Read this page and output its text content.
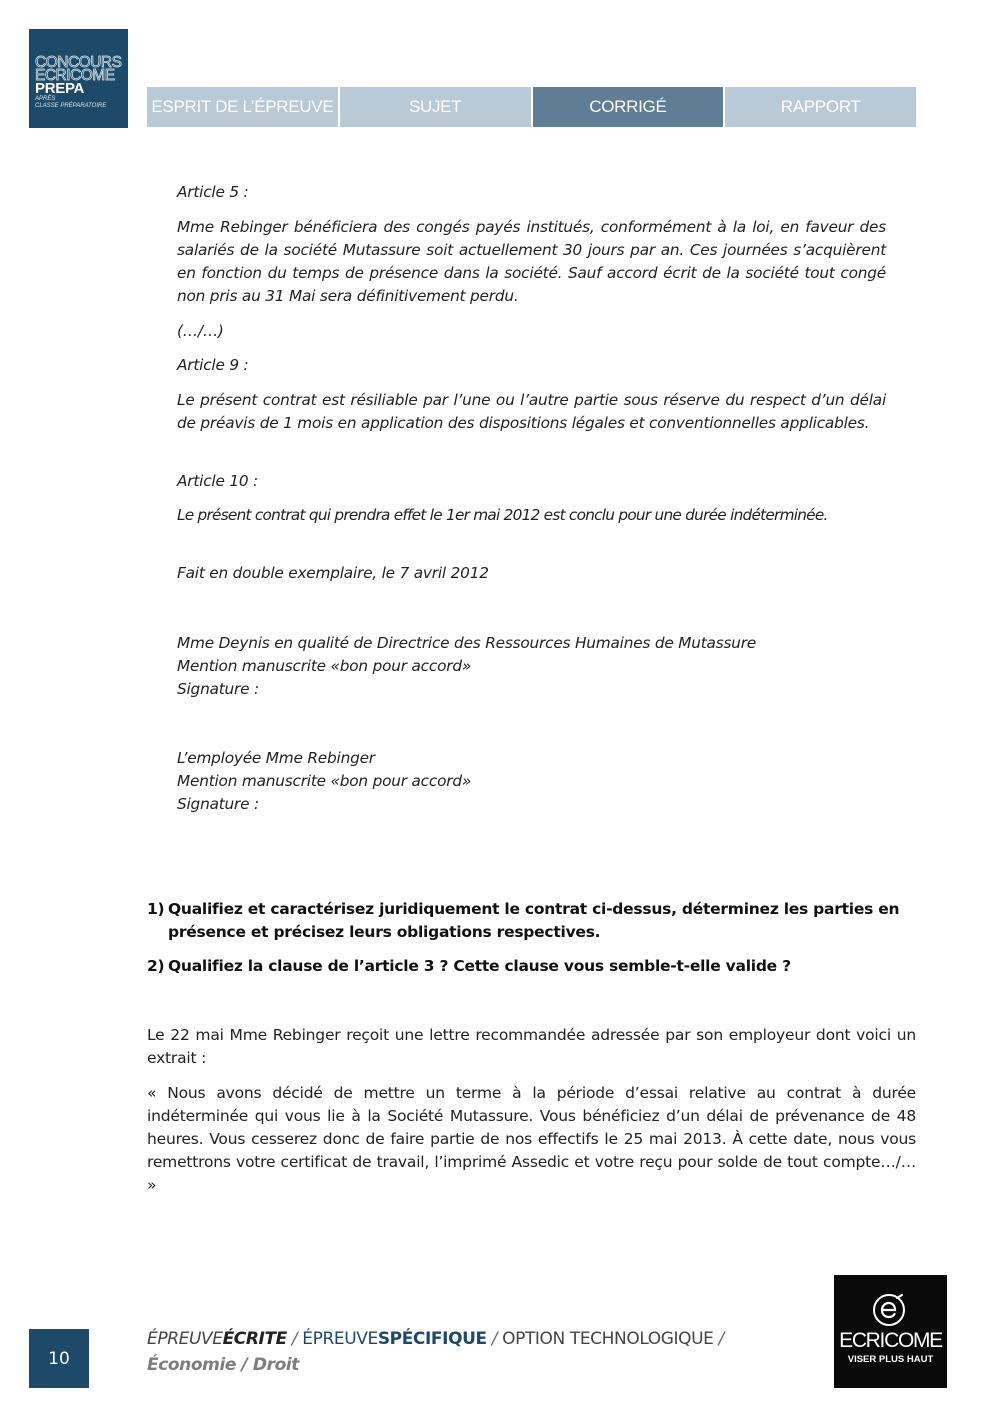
CONCOURS
ECRICOME
PREPA
APRÈS
CLASSE PRÉPARATOIRE	ESPRIT DE L’ÉPREUVE	SUJET	CORRIGÉ	RAPPORT
Article 5 :
Mme Rebinger bénéficiera des congés payés institués, conformément à la loi, en faveur des salariés de la société Mutassure soit actuellement 30 jours par an. Ces journées s’acquièrent en fonction du temps de présence dans la société. Sauf accord écrit de la société tout congé non pris au 31 Mai sera définitivement perdu.
(…/…)
Article 9 :
Le présent contrat est résiliable par l’une ou l’autre partie sous réserve du respect d’un délai de préavis de 1 mois en application des dispositions légales et conventionnelles applicables.
Article 10 :
Le présent contrat qui prendra effet le 1er mai 2012 est conclu pour une durée indéterminée.
Fait en double exemplaire, le 7 avril 2012
Mme Deynis en qualité de Directrice des Ressources Humaines de Mutassure
Mention manuscrite «bon pour accord»
Signature :
L’employée Mme Rebinger
Mention manuscrite «bon pour accord»
Signature :
1) Qualifiez et caractérisez juridiquement le contrat ci-dessus, déterminez les parties en
présence et précisez leurs obligations respectives.
2) Qualifiez la clause de l’article 3 ? Cette clause vous semble-t-elle valide ?
Le 22 mai Mme Rebinger reçoit une lettre recommandée adressée par son employeur dont voici un extrait :
« Nous avons décidé de mettre un terme à la période d’essai relative au contrat à durée indéterminée qui vous lie à la Société Mutassure. Vous bénéficiez d’un délai de prévenance de 48 heures. Vous cesserez donc de faire partie de nos effectifs le 25 mai 2013. À cette date, nous vous remettrons votre certificat de travail, l’imprimé Assedic et votre reçu pour solde de tout compte…/… »
10
ÉPREUVEÉCRITE / ÉPREUVESPÉCIFIQUE / OPTION TECHNOLOGIQUE /
Économie / Droit
ECRICOME
VISER PLUS HAUT
